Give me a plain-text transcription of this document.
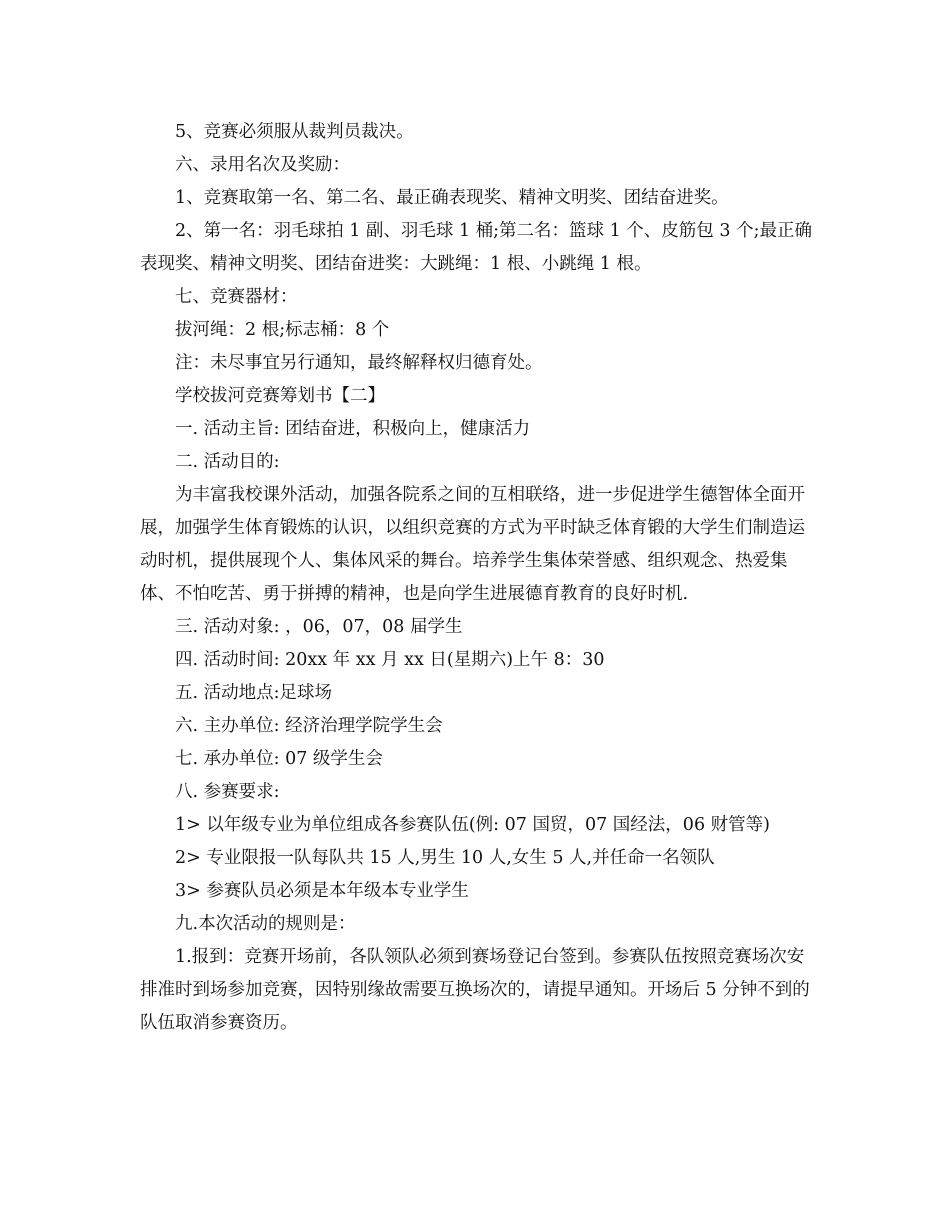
5、竞赛必须服从裁判员裁决。

六、录用名次及奖励：

1、竞赛取第一名、第二名、最正确表现奖、精神文明奖、团结奋进奖。

2、第一名：羽毛球拍 1 副、羽毛球 1 桶;第二名：篮球 1 个、皮筋包 3 个;最正确表现奖、精神文明奖、团结奋进奖：大跳绳：1 根、小跳绳 1 根。

七、竞赛器材：

拔河绳：2 根;标志桶：8 个

注：未尽事宜另行通知，最终解释权归德育处。

学校拔河竞赛筹划书【二】

一. 活动主旨: 团结奋进，积极向上，健康活力

二. 活动目的:

为丰富我校课外活动，加强各院系之间的互相联络，进一步促进学生德智体全面开展，加强学生体育锻炼的认识，以组织竞赛的方式为平时缺乏体育锻的大学生们制造运动时机，提供展现个人、集体风采的舞台。培养学生集体荣誉感、组织观念、热爱集体、不怕吃苦、勇于拼搏的精神，也是向学生进展德育教育的良好时机.

三. 活动对象: ，06，07，08 届学生

四. 活动时间: 20xx 年 xx 月 xx 日(星期六)上午 8：30

五. 活动地点:足球场

六. 主办单位: 经济治理学院学生会

七. 承办单位: 07 级学生会

八. 参赛要求:

1> 以年级专业为单位组成各参赛队伍(例: 07 国贸，07 国经法，06 财管等)

2> 专业限报一队每队共 15 人,男生 10 人,女生 5 人,并任命一名领队

3> 参赛队员必须是本年级本专业学生

九.本次活动的规则是：

1.报到：竞赛开场前，各队领队必须到赛场登记台签到。参赛队伍按照竞赛场次安排准时到场参加竞赛，因特别缘故需要互换场次的，请提早通知。开场后 5 分钟不到的队伍取消参赛资历。
